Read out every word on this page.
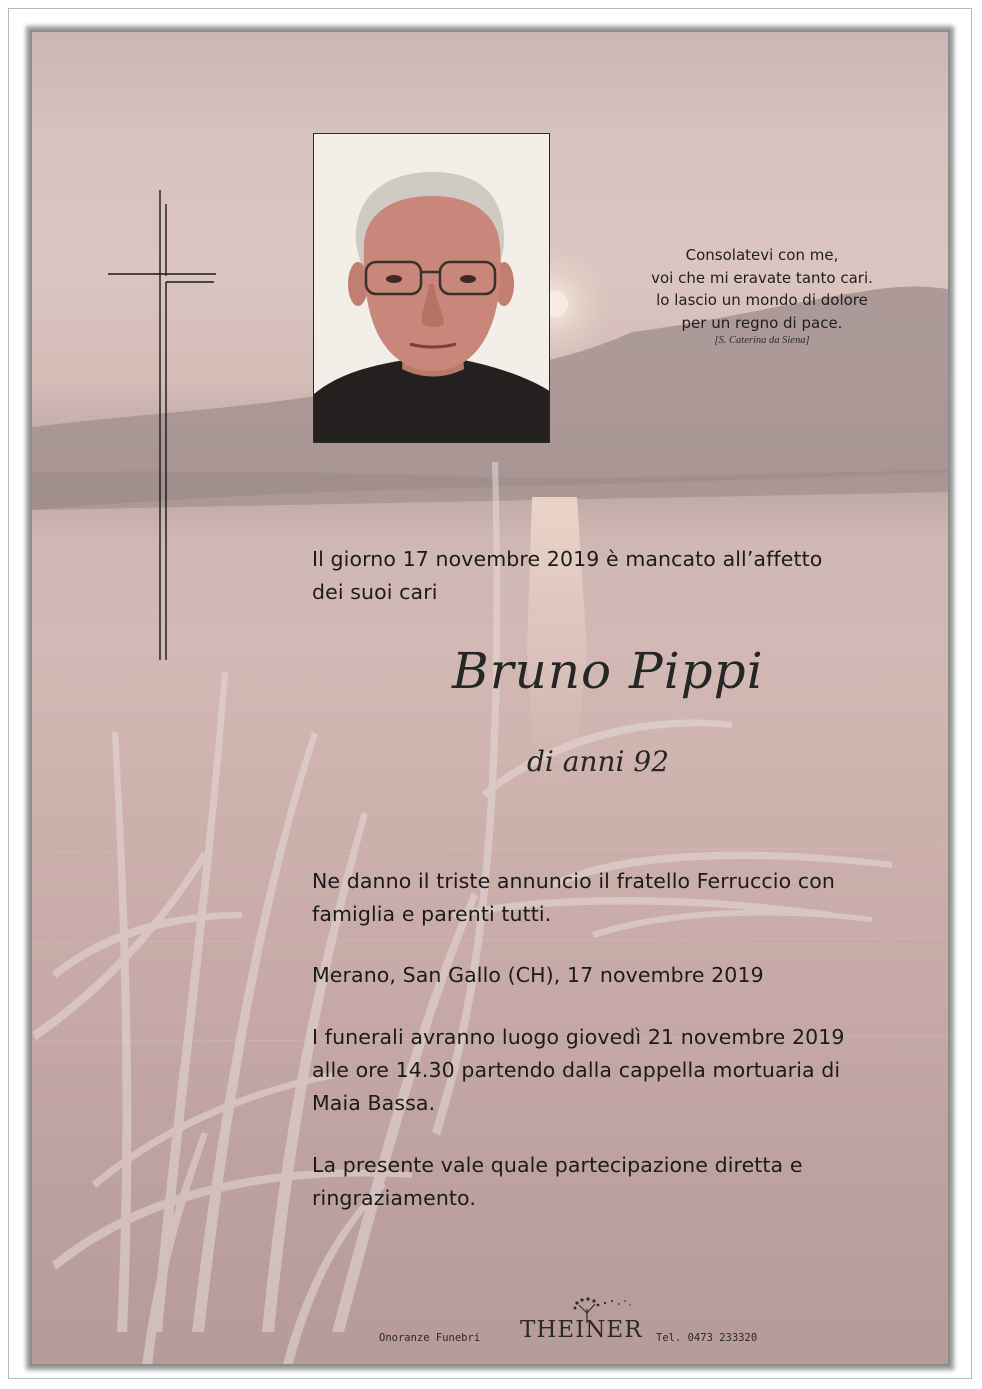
Consolatevi con me,
voi che mi eravate tanto cari.
lo lascio un mondo di dolore
per un regno di pace.
[S. Caterina da Siena]
Il giorno 17 novembre 2019 è mancato all’affetto
dei suoi cari
Bruno Pippi
di anni 92
Ne danno il triste annuncio il fratello Ferruccio con
famiglia e parenti tutti.
Merano, San Gallo (CH), 17 novembre 2019
I funerali avranno luogo giovedì 21 novembre 2019
alle ore 14.30 partendo dalla cappella mortuaria di
Maia Bassa.
La presente vale quale partecipazione diretta e
ringraziamento.
Onoranze Funebri THEINER Tel. 0473 233320
